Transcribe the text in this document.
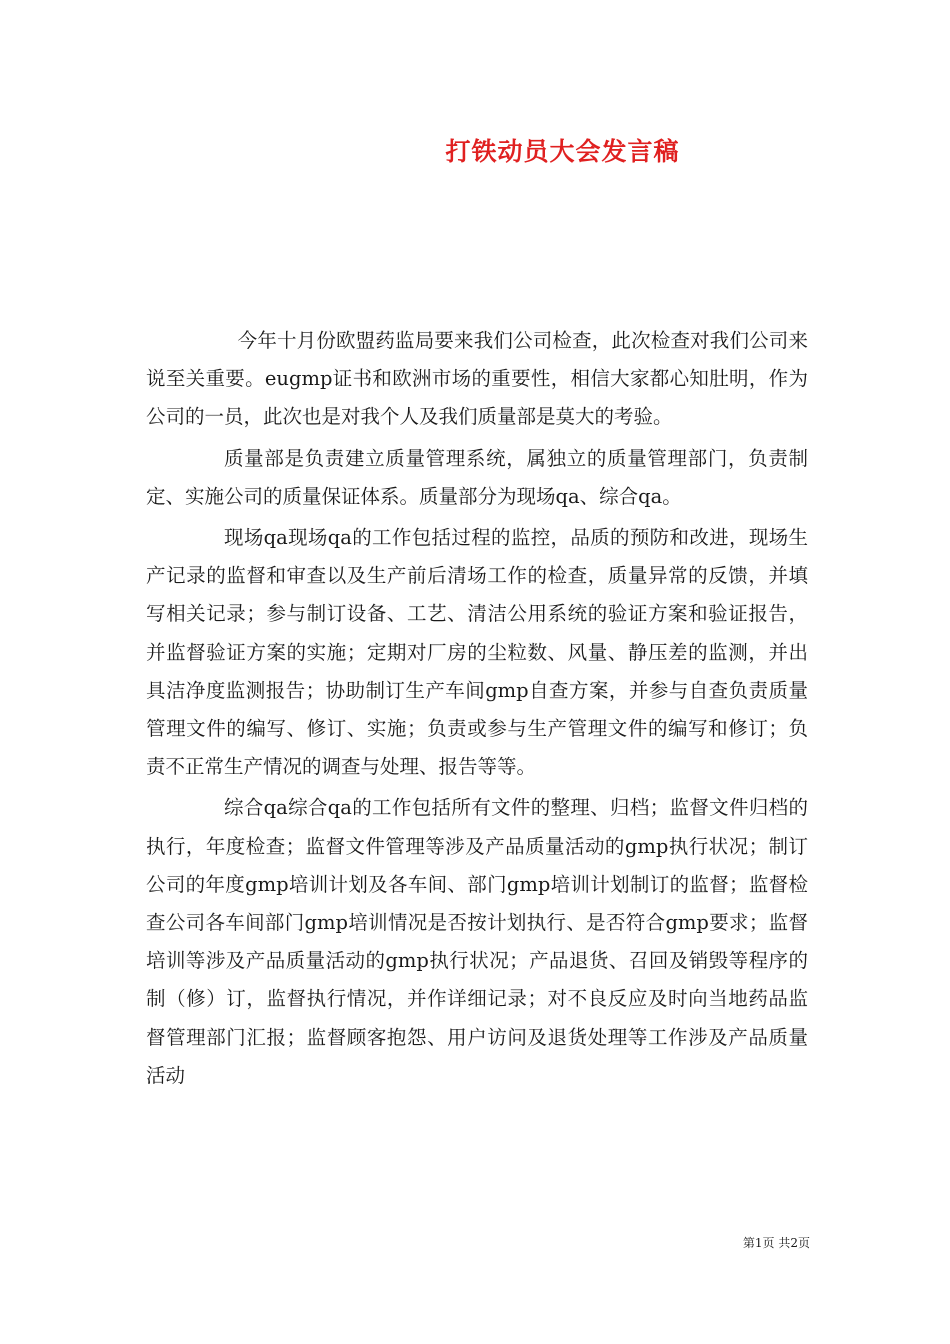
打铁动员大会发言稿

今年十月份欧盟药监局要来我们公司检查，此次检查对我们公司来说至关重要。eugmp证书和欧洲市场的重要性，相信大家都心知肚明，作为公司的一员，此次也是对我个人及我们质量部是莫大的考验。

质量部是负责建立质量管理系统，属独立的质量管理部门，负责制定、实施公司的质量保证体系。质量部分为现场qa、综合qa。

现场qa现场qa的工作包括过程的监控，品质的预防和改进，现场生产记录的监督和审查以及生产前后清场工作的检查，质量异常的反馈，并填写相关记录；参与制订设备、工艺、清洁公用系统的验证方案和验证报告，并监督验证方案的实施；定期对厂房的尘粒数、风量、静压差的监测，并出具洁净度监测报告；协助制订生产车间gmp自查方案，并参与自查负责质量管理文件的编写、修订、实施；负责或参与生产管理文件的编写和修订；负责不正常生产情况的调查与处理、报告等等。

综合qa综合qa的工作包括所有文件的整理、归档；监督文件归档的执行，年度检查；监督文件管理等涉及产品质量活动的gmp执行状况；制订公司的年度gmp培训计划及各车间、部门gmp培训计划制订的监督；监督检查公司各车间部门gmp培训情况是否按计划执行、是否符合gmp要求；监督培训等涉及产品质量活动的gmp执行状况；产品退货、召回及销毁等程序的制（修）订，监督执行情况，并作详细记录；对不良反应及时向当地药品监督管理部门汇报；监督顾客抱怨、用户访问及退货处理等工作涉及产品质量活动

第1页 共2页
